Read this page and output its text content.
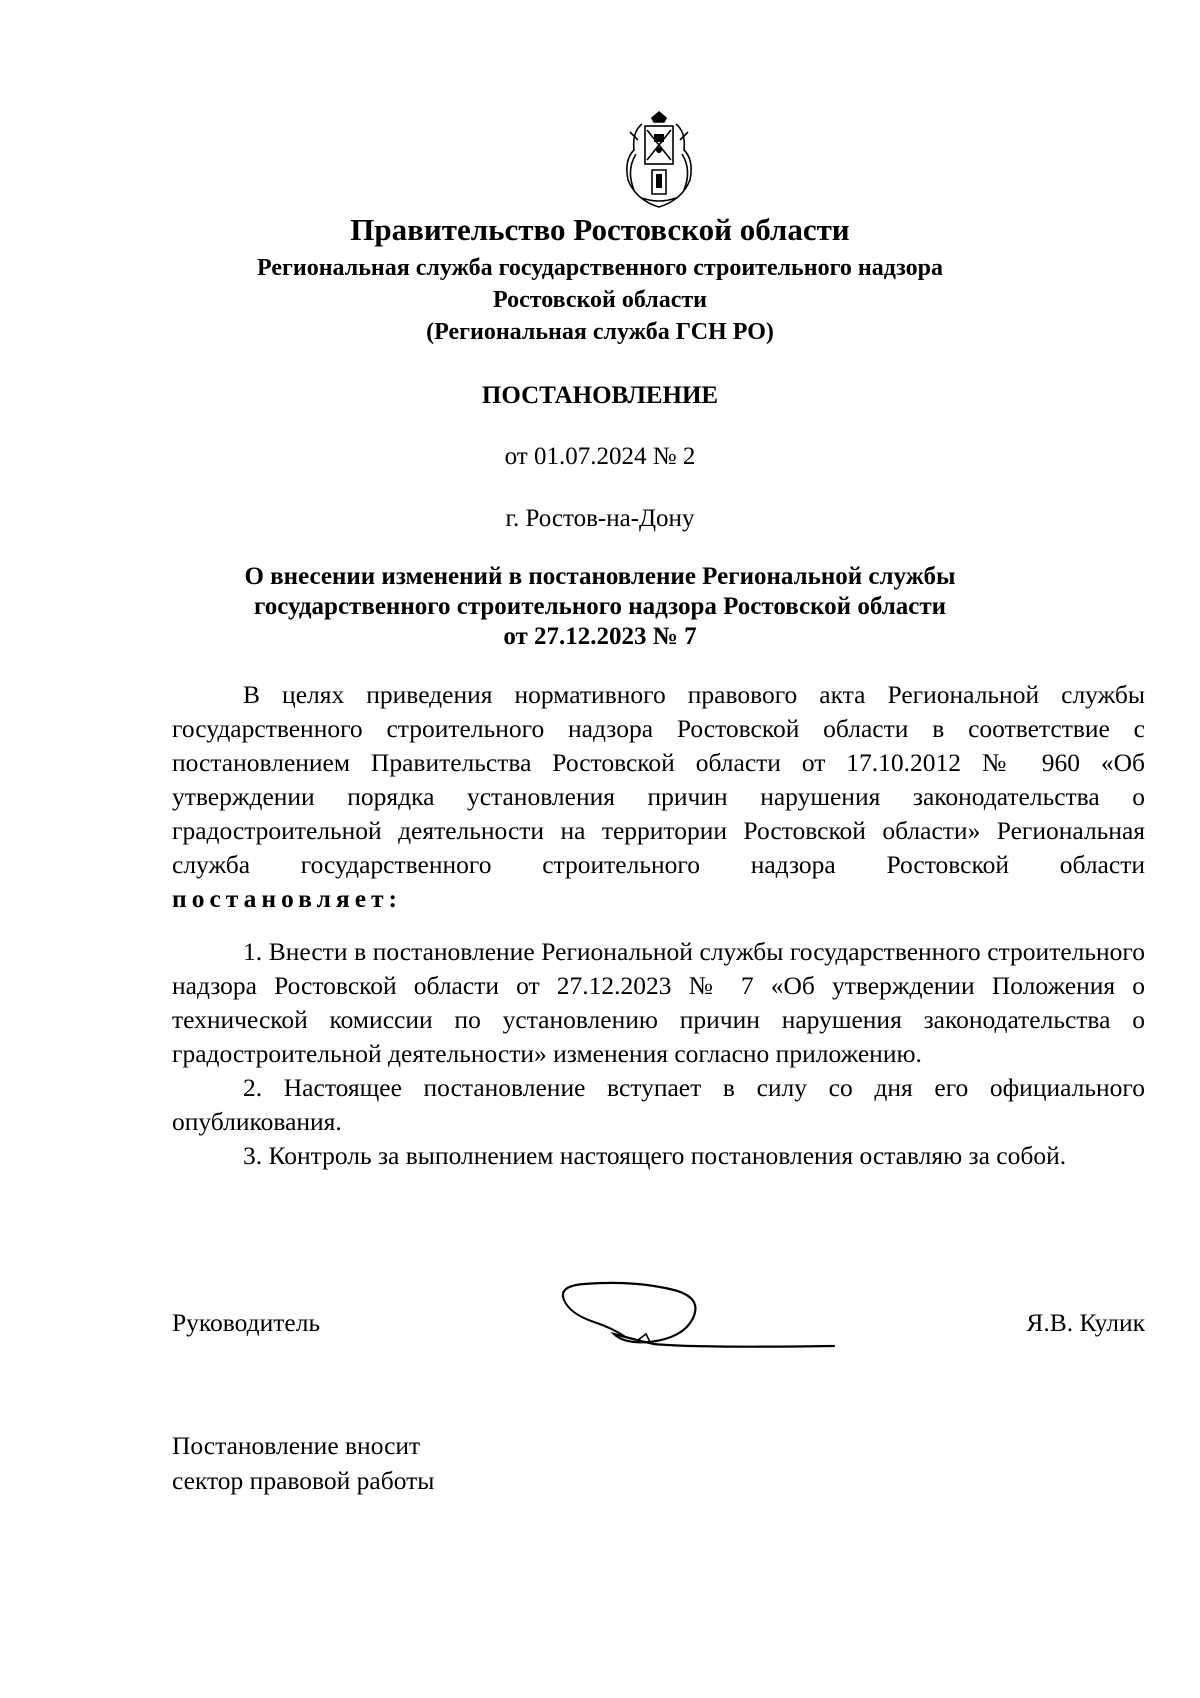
Правительство Ростовской области
Региональная служба государственного строительного надзора
Ростовской области
(Региональная служба ГСН РО)
ПОСТАНОВЛЕНИЕ
от 01.07.2024 № 2
г. Ростов-на-Дону
О внесении изменений в постановление Региональной службы
государственного строительного надзора Ростовской области
от 27.12.2023 № 7
В целях приведения нормативного правового акта Региональной службы государственного строительного надзора Ростовской области в соответствие с постановлением Правительства Ростовской области от 17.10.2012 № 960 «Об утверждении порядка установления причин нарушения законодательства о градостроительной деятельности на территории Ростовской области» Региональная служба государственного строительного надзора Ростовской области постановляет:
1. Внести в постановление Региональной службы государственного строительного надзора Ростовской области от 27.12.2023 № 7 «Об утверждении Положения о технической комиссии по установлению причин нарушения законодательства о градостроительной деятельности» изменения согласно приложению.
2. Настоящее постановление вступает в силу со дня его официального опубликования.
3. Контроль за выполнением настоящего постановления оставляю за собой.
Руководитель	Я.В. Кулик
Постановление вносит
сектор правовой работы
